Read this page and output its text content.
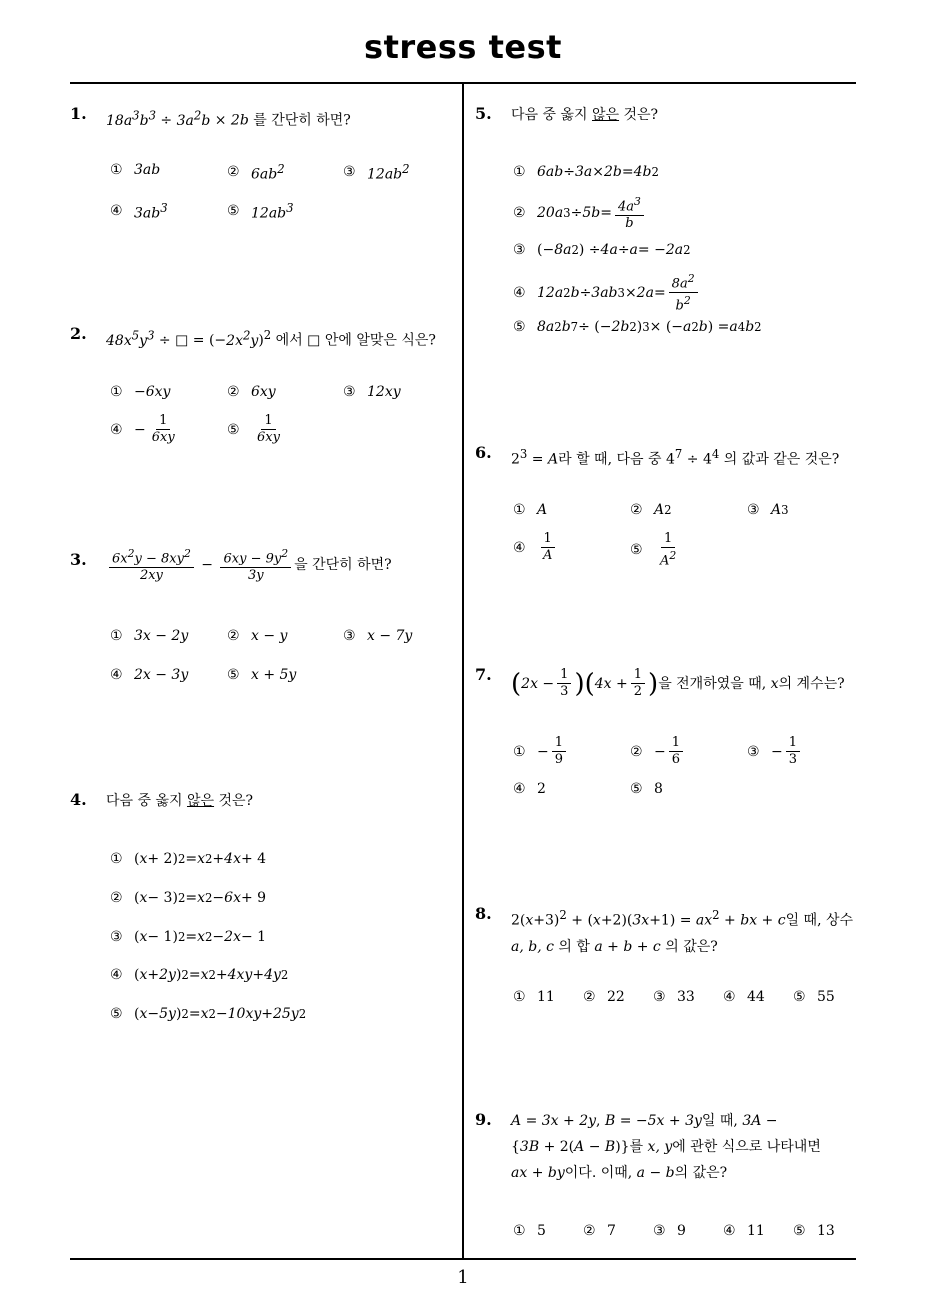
stress test
1
1. $18a^3b^3 \div 3a^2b \times 2b$ 를 간단히 하면?
① 3ab	② $6ab^2$	③ $12ab^2$
④ $3ab^3$	⑤ $12ab^3$
2. $48x^5y^3$ ÷ □ = $(-2x^2y)^2$ 에서 □ 안에 알맞은 식은?
① − 6xy	② 6xy	③ 12xy
④ − $\frac{1}{6xy}$	⑤	$\frac{1}{6xy}$
3. $\frac{6x^2y - 8xy^2}{2xy} - \frac{6xy - 9y^2}{3y}$ 을 간단히 하면?
① 3x − 2y	② x − y	③ x − 7y
④ 2x − 3y	⑤ x + 5y
4. 다음 중 옳지 않은 것은?
① ( x + 2) 2 = x 2 + 4x + 4
② ( x − 3) 2 = x 2 − 6x + 9
③ ( x − 1) 2 = x 2 − 2x − 1
④ ( x + 2y ) 2 = x 2 + 4xy + 4y 2
⑤ ( x − 5y ) 2 = x 2 − 10xy + 25y 2
5. 다음 중 옳지 않은 것은?
① 6ab ÷ 3a × 2b = 4b 2
② 20a $3 \div 5b = \frac{4a^3}{b}$
③ (− 8a 2 ) ÷ 4a ÷ a = − 2a 2
④ 12a 2 b ÷ 3ab $3 \times 2a = \frac{8a^2}{b^2}$
⑤ 8a 2 b 7 ÷ (− 2b 2 ) 3 × (− a 2 b ) = a 4 b 2
6. $2^3 = A$라 할 때, 다음 중 $4^7 \div 4^4$ 의 값과 같은 것은?
① A	② A 2	③ A 3
④	$\frac{1}{A}$	⑤	$\frac{1}{A^2}$
7. ( $2x - \frac{1}{3}$ ) ( $4x + \frac{1}{2}$ ) 을 전개하였을 때, x 의 계수는?
① − $\frac{1}{9}$	② − $\frac{1}{6}$	③ − $\frac{1}{3}$
④ 2	⑤ 8
8. $2(x+3)^2 + (x+2)(3x+1) = ax^2$ + bx + c일 때, 상수
a, b, c 의 합 a + b + c 의 값은?
① 11 ② 22 ③ 33 ④ 44 ⑤ 55
9. A = 3x + 2y, B = −5x + 3y일 때, 3A −
{3B + 2(A − B)}를 x, y에 관한 식으로 나타내면
ax + by이다. 이때, a − b의 값은?
① 5	② 7	③ 9	④ 11 ⑤ 13
